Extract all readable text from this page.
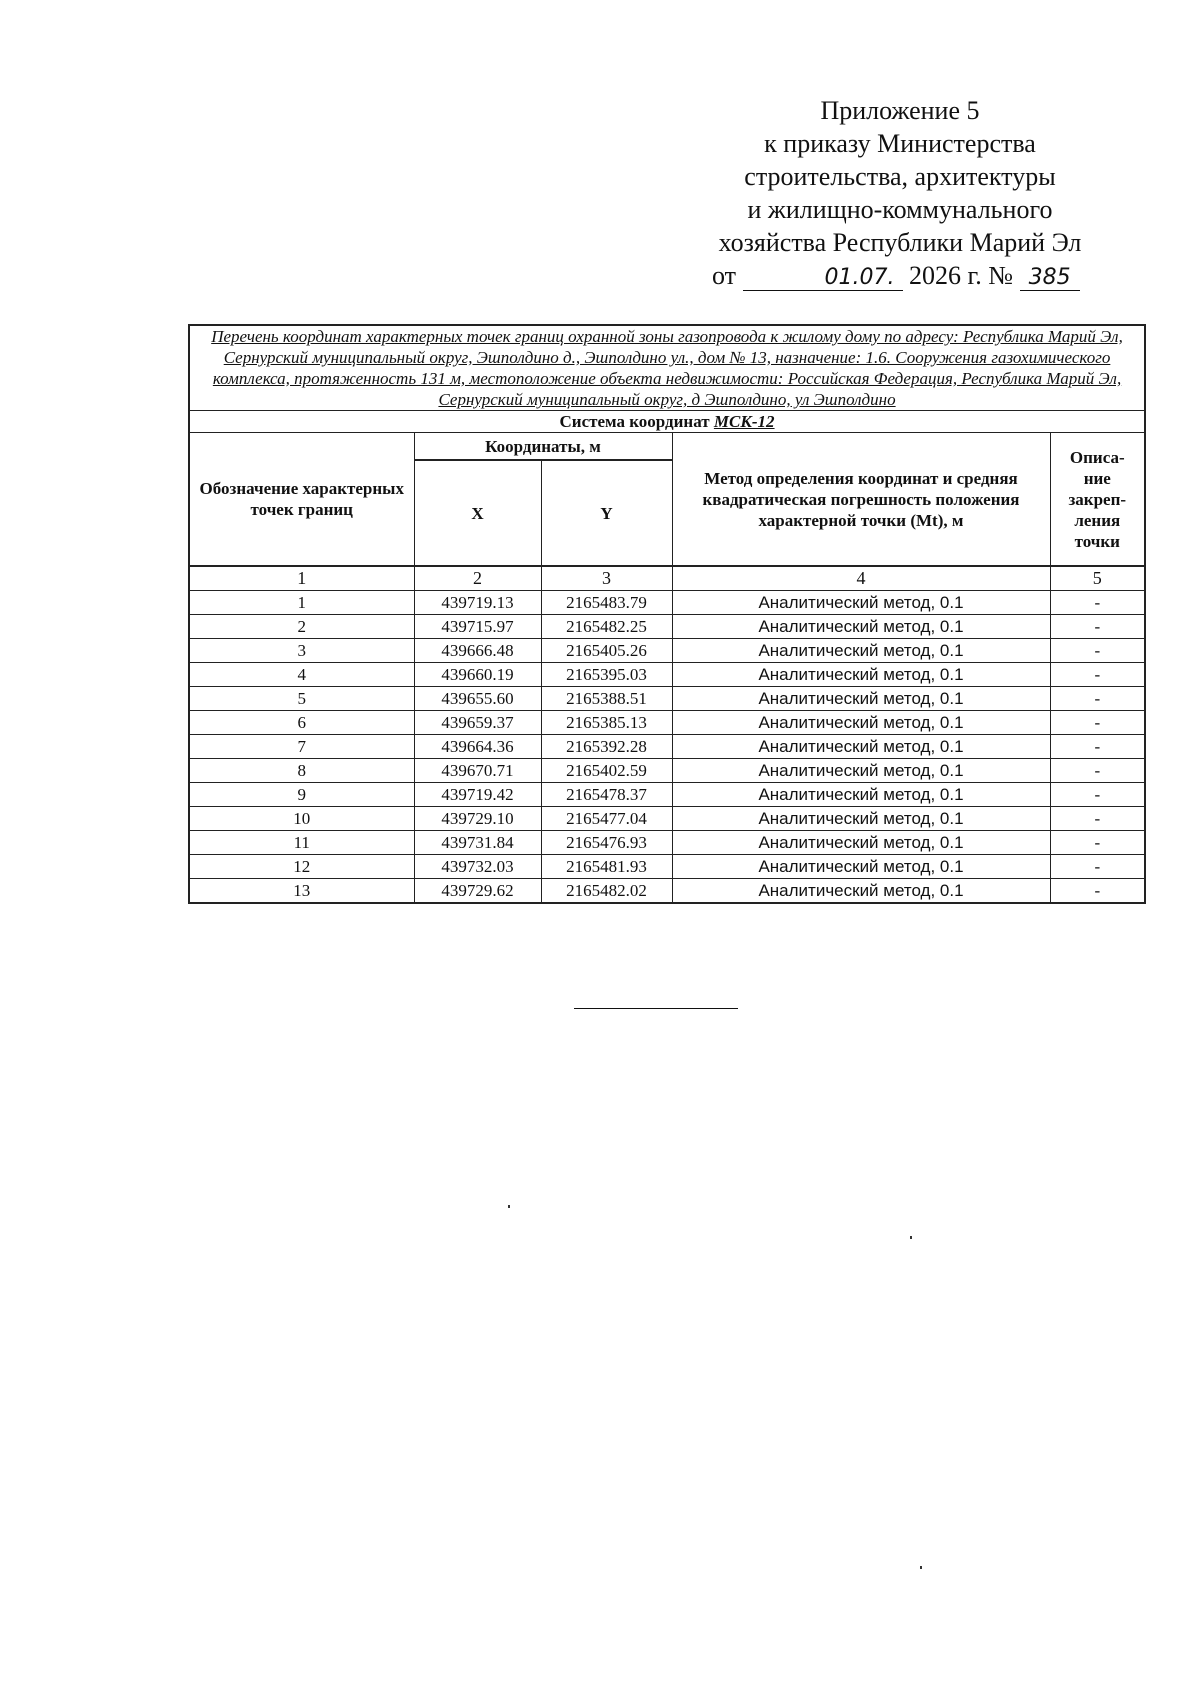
Приложение 5
к приказу Министерства
строительства, архитектуры
и жилищно-коммунального
хозяйства Республики Марий Эл
от	01.07. 2026 г. № 385
Перечень координат характерных точек границ охранной зоны газопровода к жилому дому по адресу: Республика Марий Эл, Сернурский муниципальный округ, Эшполдино д., Эшполдино ул., дом № 13, назначение: 1.6. Сооружения газохимического комплекса, протяженность 131 м, местоположение объекта недвижимости: Российская Федерация, Республика Марий Эл, Сернурский муниципальный округ, д Эшполдино, ул Эшполдино				
Система координат МСК-12				
Обозначение характерных точек границ	Координаты, м		Метод определения координат и средняя квадратическая погрешность положения характерной точки (Mt), м	Описа-ние закреп-ления точки
	X	Y		
1	2	3	4	5
1	439719.13	2165483.79	Аналитический метод, 0.1	-
2	439715.97	2165482.25	Аналитический метод, 0.1	-
3	439666.48	2165405.26	Аналитический метод, 0.1	-
4	439660.19	2165395.03	Аналитический метод, 0.1	-
5	439655.60	2165388.51	Аналитический метод, 0.1	-
6	439659.37	2165385.13	Аналитический метод, 0.1	-
7	439664.36	2165392.28	Аналитический метод, 0.1	-
8	439670.71	2165402.59	Аналитический метод, 0.1	-
9	439719.42	2165478.37	Аналитический метод, 0.1	-
10	439729.10	2165477.04	Аналитический метод, 0.1	-
11	439731.84	2165476.93	Аналитический метод, 0.1	-
12	439732.03	2165481.93	Аналитический метод, 0.1	-
13	439729.62	2165482.02	Аналитический метод, 0.1	-
